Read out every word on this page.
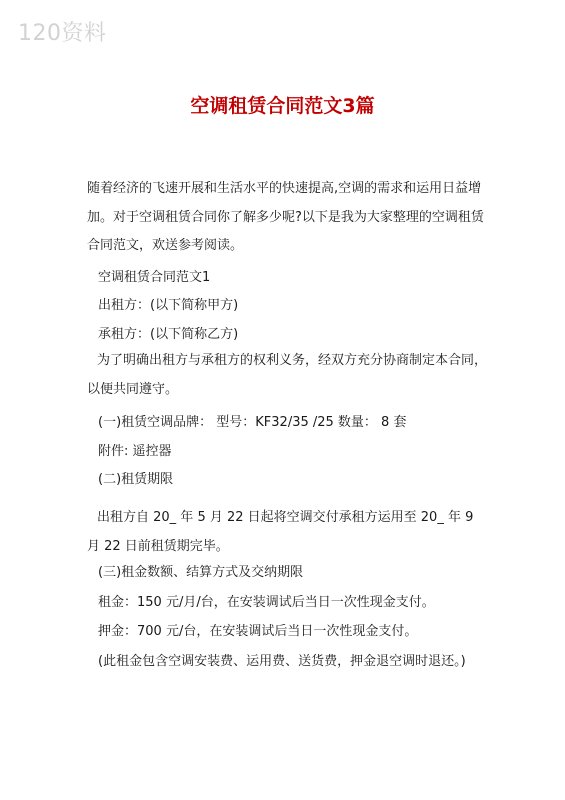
120资料
空调租赁合同范文3篇
随着经济的飞速开展和生活水平的快速提高,空调的需求和运用日益增加。对于空调租赁合同你了解多少呢?以下是我为大家整理的空调租赁合同范文，欢送参考阅读。
空调租赁合同范文1
出租方：(以下简称甲方)
承租方：(以下简称乙方)
为了明确出租方与承租方的权利义务，经双方充分协商制定本合同，以便共同遵守。
(一)租赁空调品牌： 型号：KF32/35 /25 数量： 8 套
附件: 遥控器
(二)租赁期限
出租方自 20_ 年 5 月 22 日起将空调交付承租方运用至 20_ 年 9 月 22 日前租赁期完毕。
(三)租金数额、结算方式及交纳期限
租金：150 元/月/台，在安装调试后当日一次性现金支付。
押金：700 元/台，在安装调试后当日一次性现金支付。
(此租金包含空调安装费、运用费、送货费，押金退空调时退还。)
